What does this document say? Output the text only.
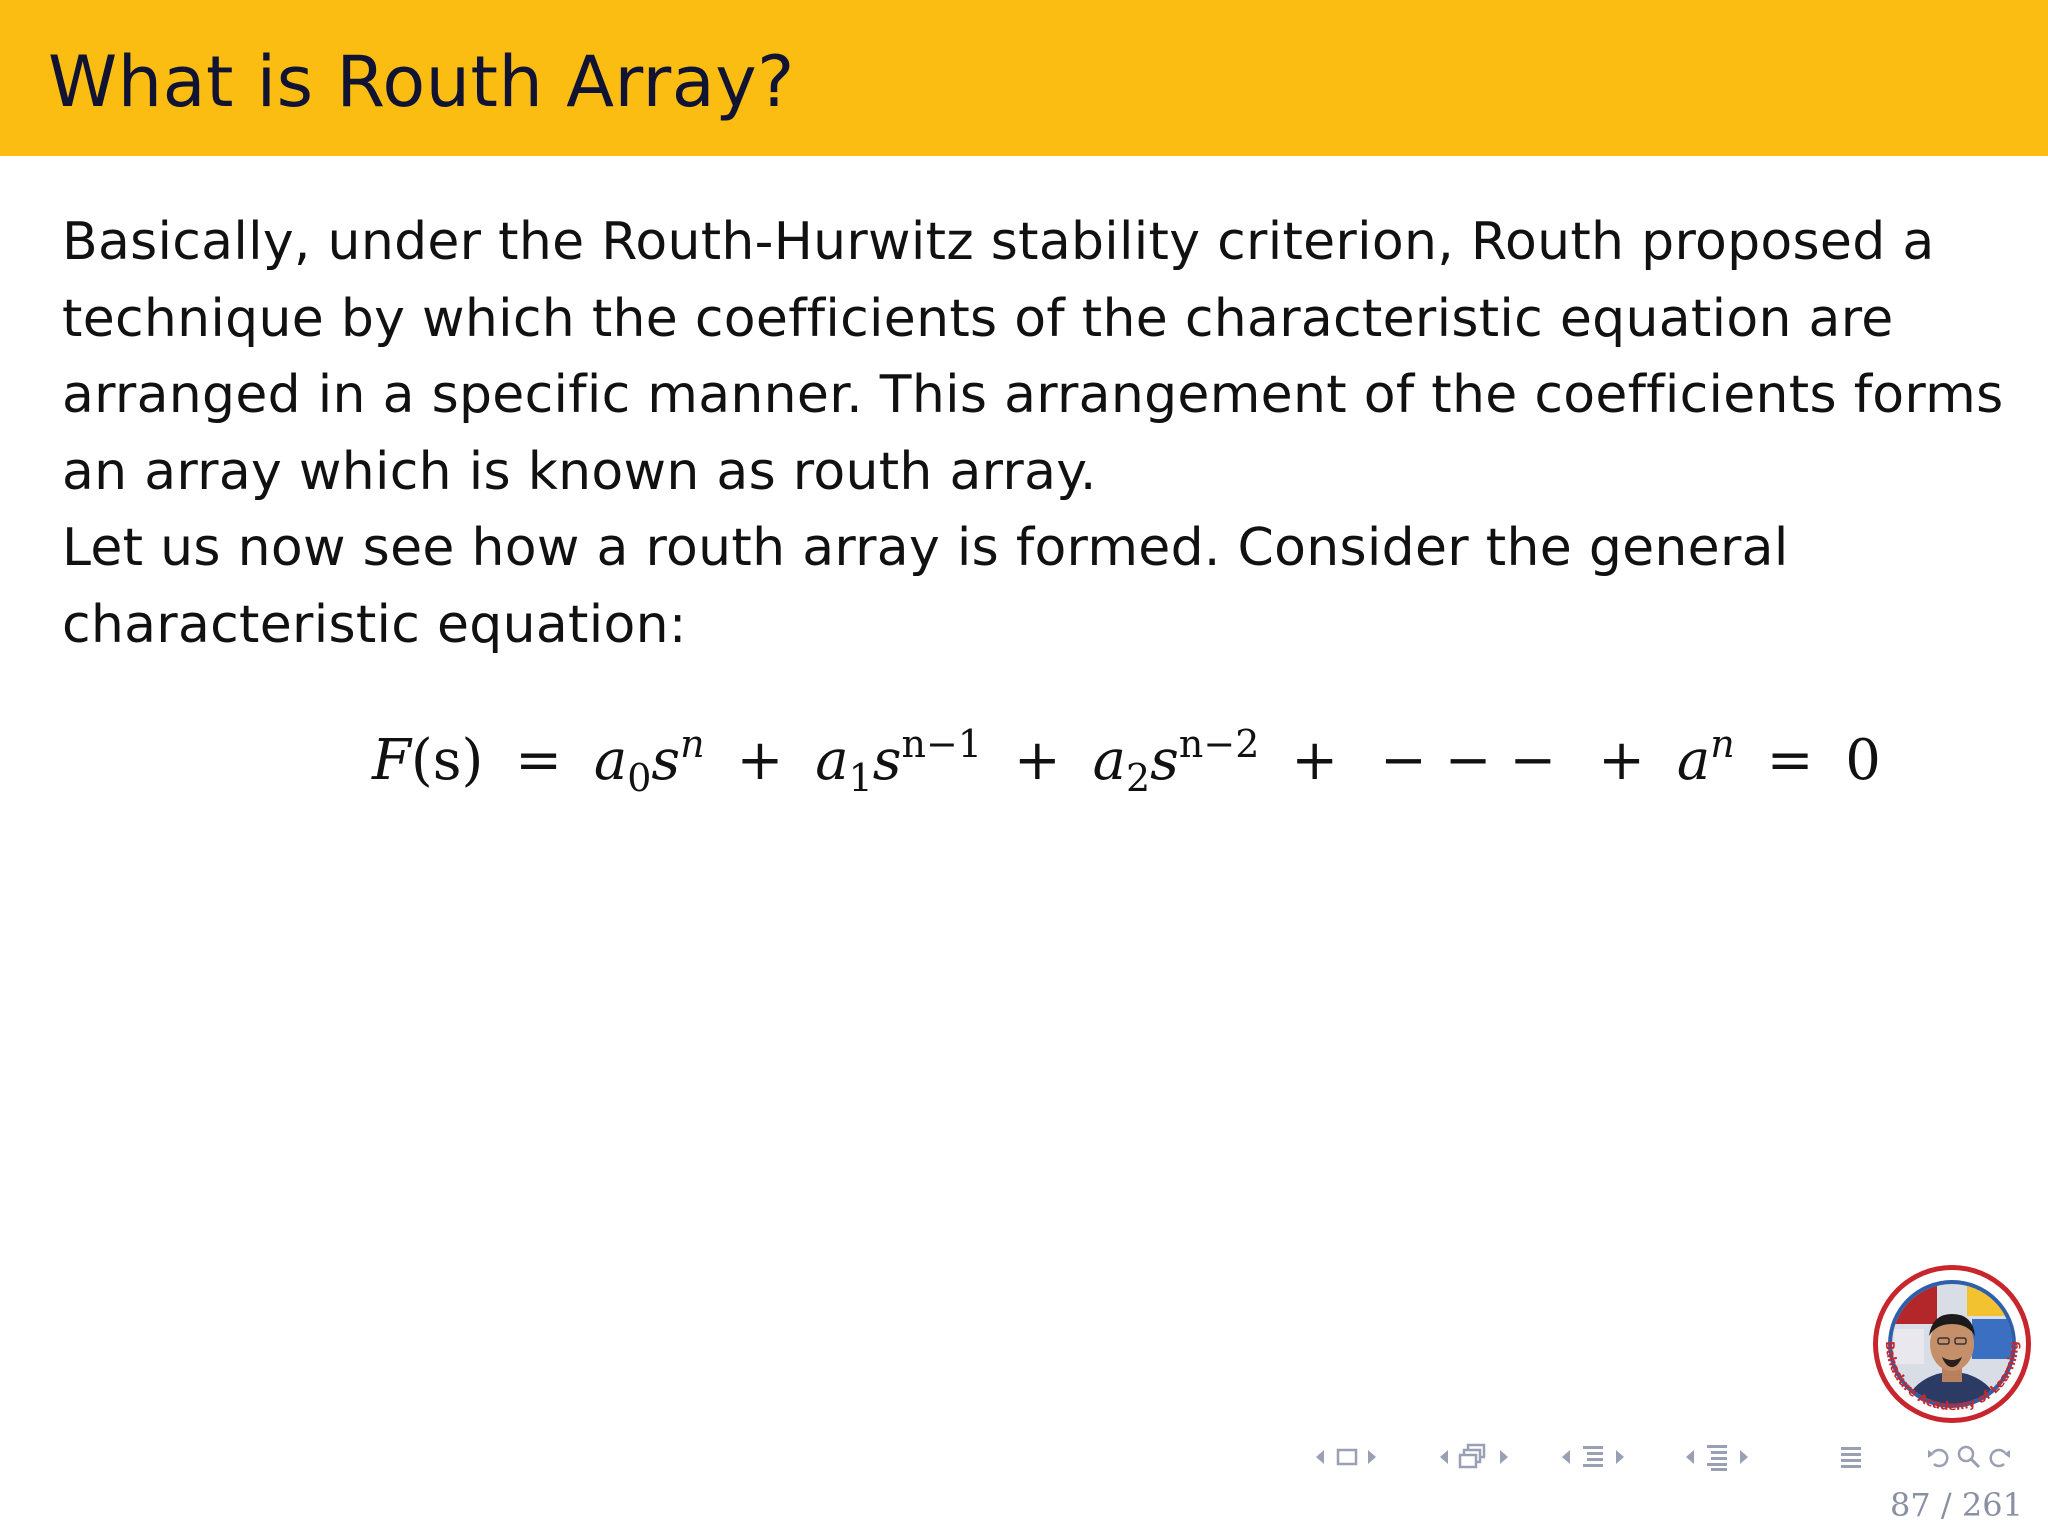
What is Routh Array?

Basically, under the Routh-Hurwitz stability criterion, Routh proposed a
technique by which the coefficients of the characteristic equation are
arranged in a specific manner. This arrangement of the coefficients forms
an array which is known as routh array.

Let us now see how a routh array is formed. Consider the general
characteristic equation:

$F(s) = a_0s^n + a_1s^{n-1} + a_2s^{n-2}$ + − − − + $a^n = 0$
Bahadure Academy of Learning
87 / 261
